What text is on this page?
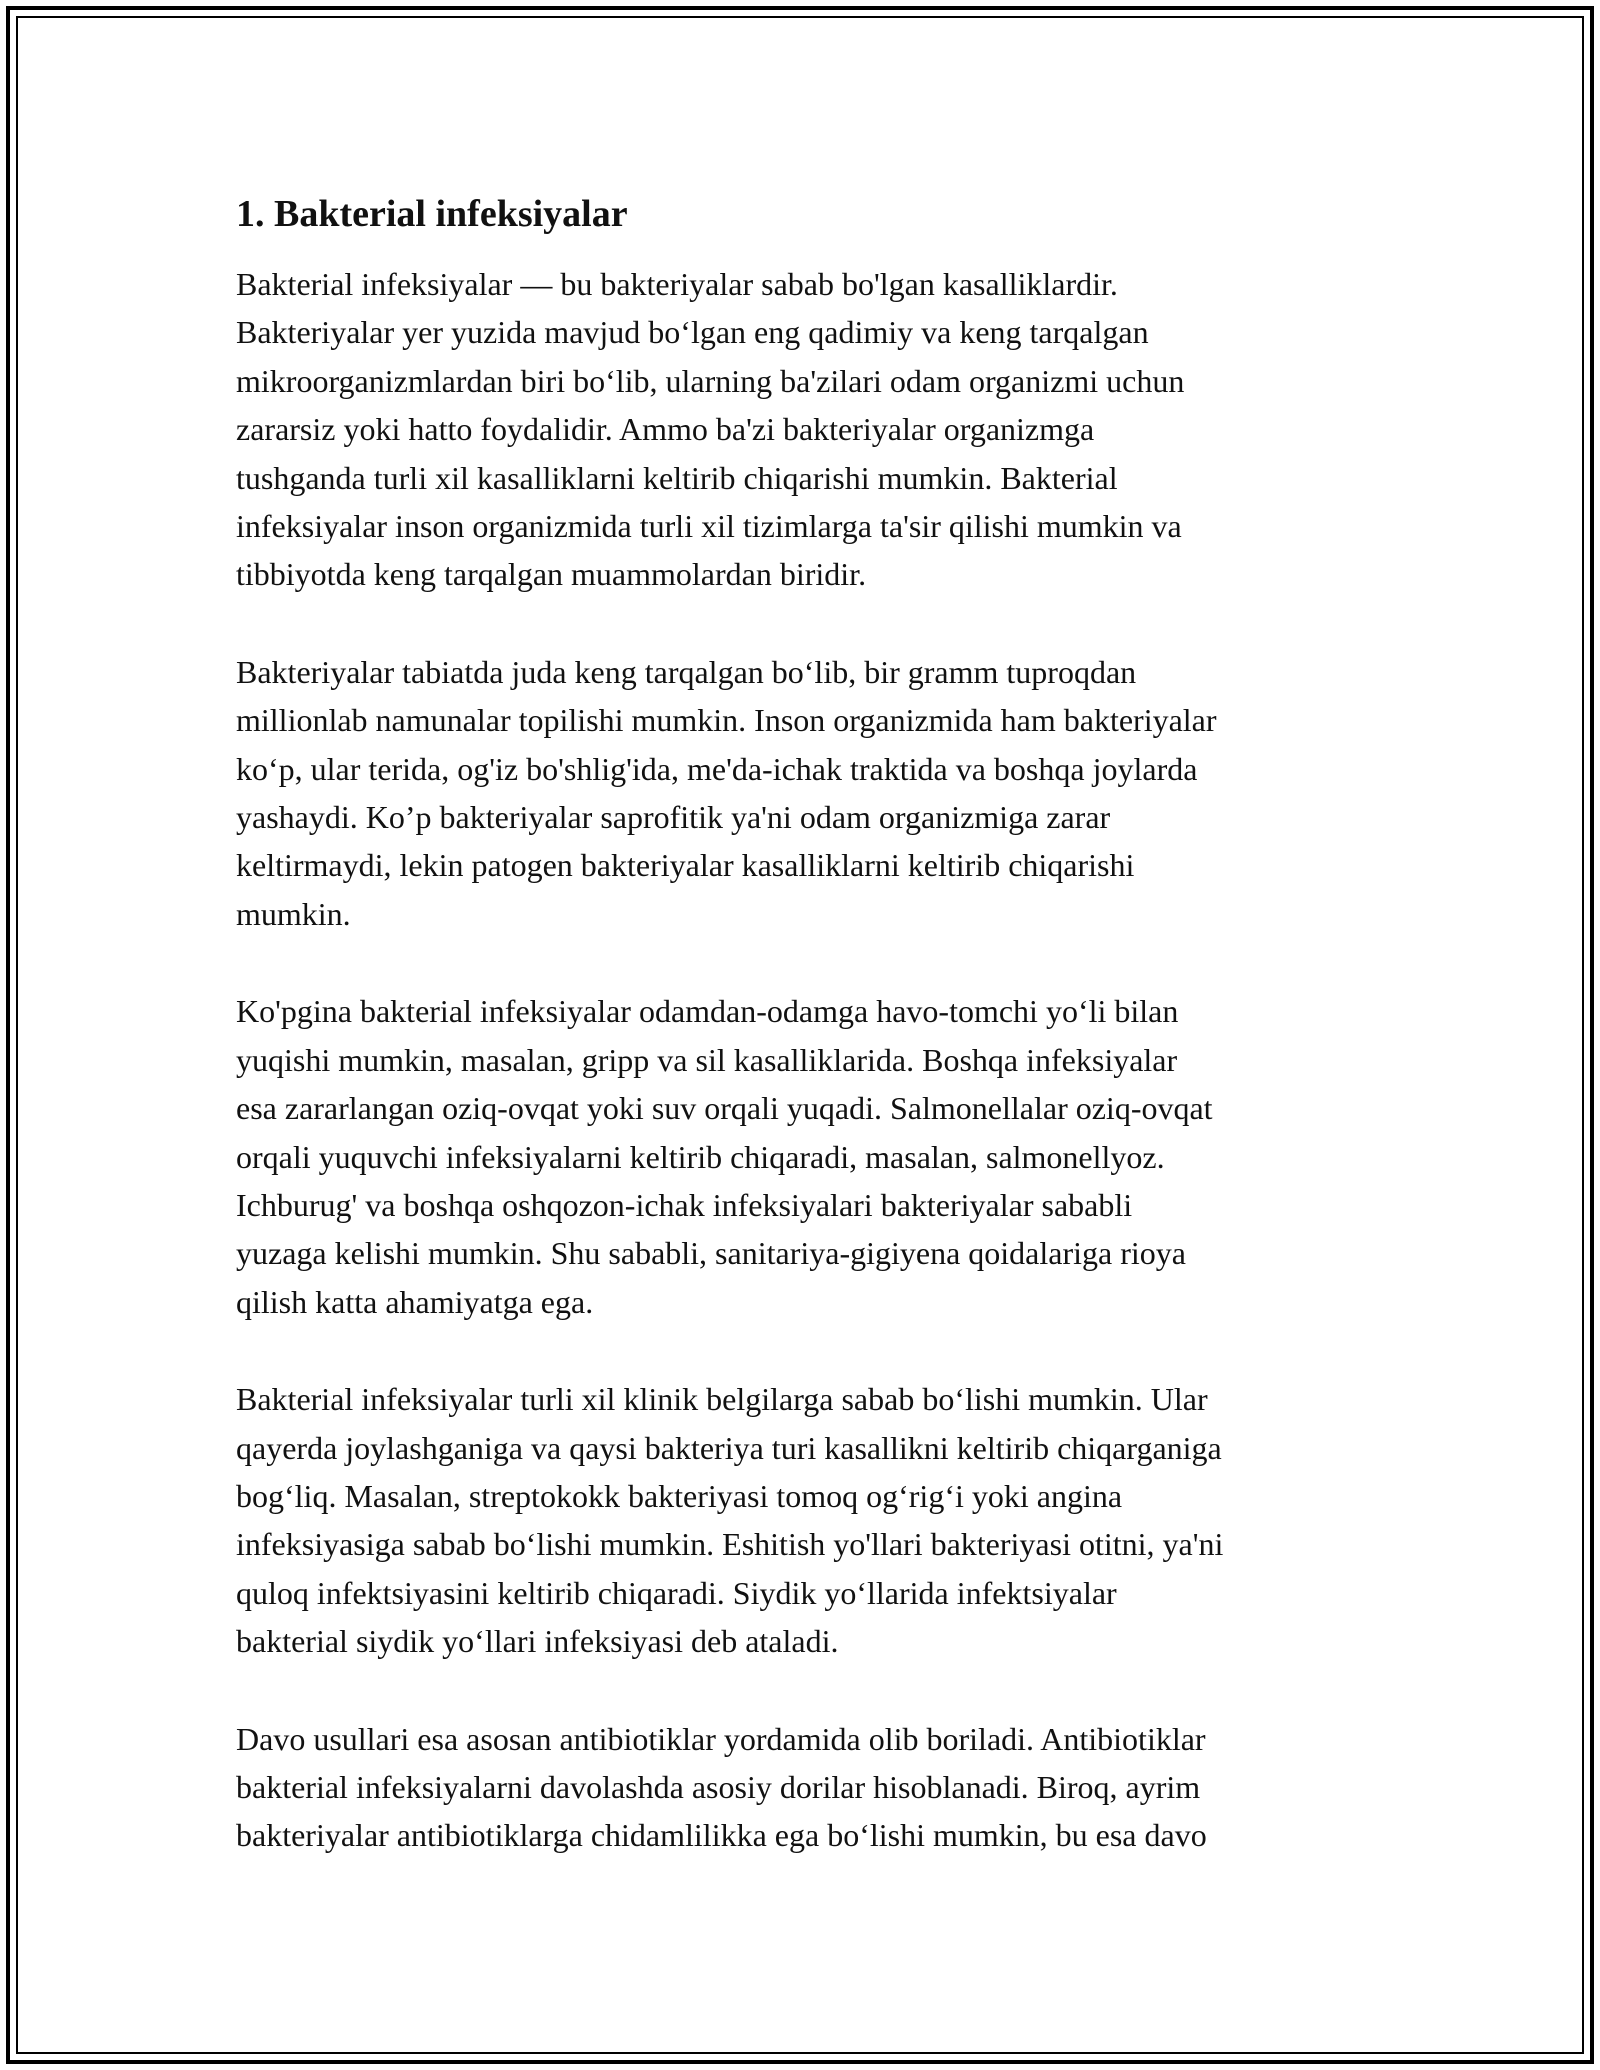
1. Bakterial infeksiyalar

Bakterial infeksiyalar — bu bakteriyalar sabab bo'lgan kasalliklardir.
Bakteriyalar yer yuzida mavjud boʻlgan eng qadimiy va keng tarqalgan
mikroorganizmlardan biri boʻlib, ularning ba'zilari odam organizmi uchun
zararsiz yoki hatto foydalidir. Ammo ba'zi bakteriyalar organizmga
tushganda turli xil kasalliklarni keltirib chiqarishi mumkin. Bakterial
infeksiyalar inson organizmida turli xil tizimlarga ta'sir qilishi mumkin va
tibbiyotda keng tarqalgan muammolardan biridir.

Bakteriyalar tabiatda juda keng tarqalgan boʻlib, bir gramm tuproqdan
millionlab namunalar topilishi mumkin. Inson organizmida ham bakteriyalar
koʻp, ular terida, og'iz bo'shlig'ida, me'da-ichak traktida va boshqa joylarda
yashaydi. Ko’p bakteriyalar saprofitik ya'ni odam organizmiga zarar
keltirmaydi, lekin patogen bakteriyalar kasalliklarni keltirib chiqarishi
mumkin.

Ko'pgina bakterial infeksiyalar odamdan-odamga havo-tomchi yoʻli bilan
yuqishi mumkin, masalan, gripp va sil kasalliklarida. Boshqa infeksiyalar
esa zararlangan oziq-ovqat yoki suv orqali yuqadi. Salmonellalar oziq-ovqat
orqali yuquvchi infeksiyalarni keltirib chiqaradi, masalan, salmonellyoz.
Ichburug' va boshqa oshqozon-ichak infeksiyalari bakteriyalar sababli
yuzaga kelishi mumkin. Shu sababli, sanitariya-gigiyena qoidalariga rioya
qilish katta ahamiyatga ega.

Bakterial infeksiyalar turli xil klinik belgilarga sabab boʻlishi mumkin. Ular
qayerda joylashganiga va qaysi bakteriya turi kasallikni keltirib chiqarganiga
bogʻliq. Masalan, streptokokk bakteriyasi tomoq ogʻrigʻi yoki angina
infeksiyasiga sabab boʻlishi mumkin. Eshitish yo'llari bakteriyasi otitni, ya'ni
quloq infektsiyasini keltirib chiqaradi. Siydik yoʻllarida infektsiyalar
bakterial siydik yoʻllari infeksiyasi deb ataladi.

Davo usullari esa asosan antibiotiklar yordamida olib boriladi. Antibiotiklar
bakterial infeksiyalarni davolashda asosiy dorilar hisoblanadi. Biroq, ayrim
bakteriyalar antibiotiklarga chidamlilikka ega boʻlishi mumkin, bu esa davo
